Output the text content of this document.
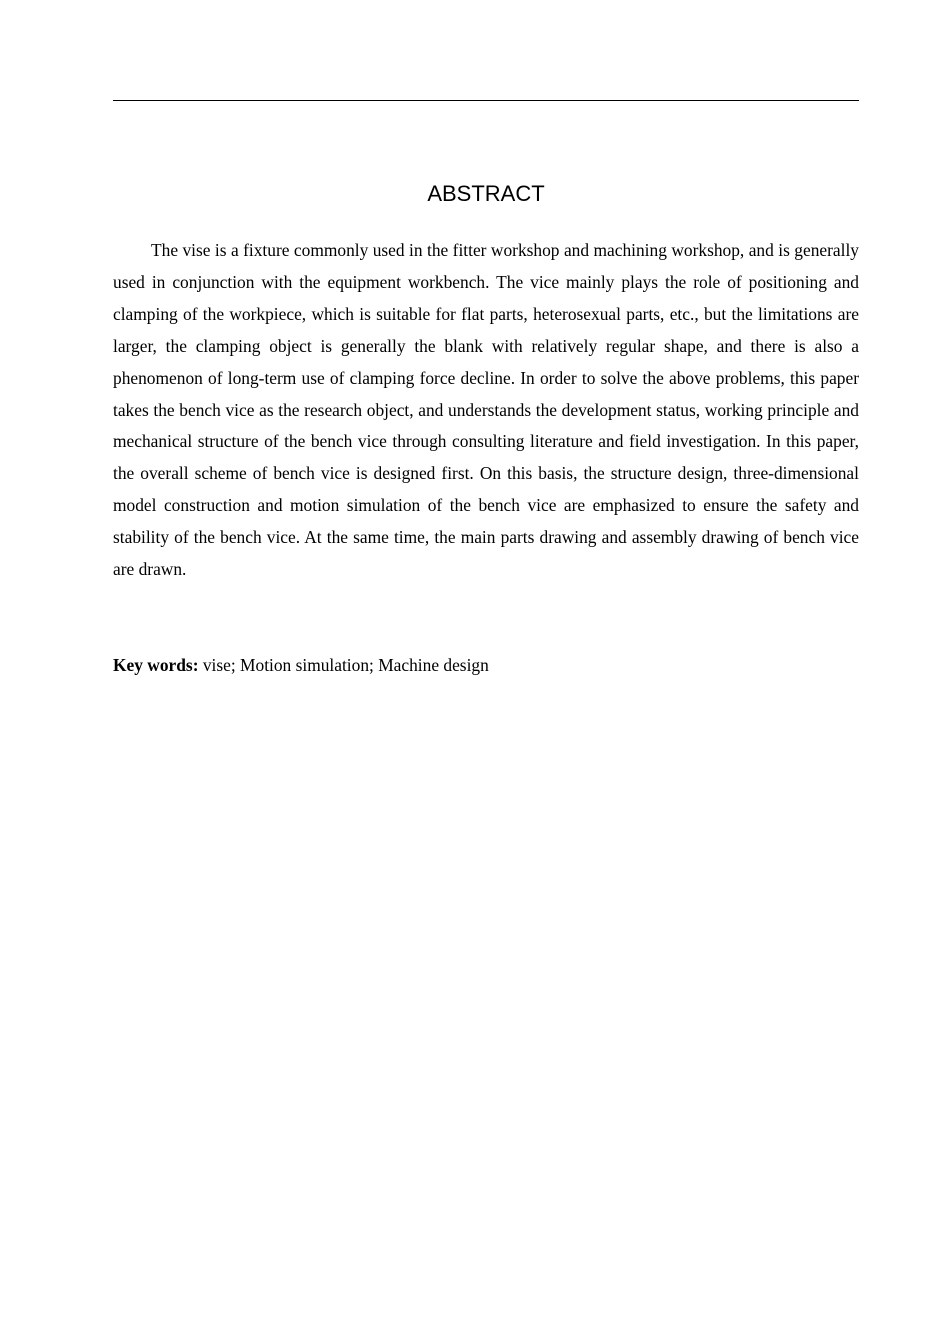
ABSTRACT

The vise is a fixture commonly used in the fitter workshop and machining workshop, and is generally used in conjunction with the equipment workbench. The vice mainly plays the role of positioning and clamping of the workpiece, which is suitable for flat parts, heterosexual parts, etc., but the limitations are larger, the clamping object is generally the blank with relatively regular shape, and there is also a phenomenon of long-term use of clamping force decline. In order to solve the above problems, this paper takes the bench vice as the research object, and understands the development status, working principle and mechanical structure of the bench vice through consulting literature and field investigation. In this paper, the overall scheme of bench vice is designed first. On this basis, the structure design, three-dimensional model construction and motion simulation of the bench vice are emphasized to ensure the safety and stability of the bench vice. At the same time, the main parts drawing and assembly drawing of bench vice are drawn.

Key words: vise; Motion simulation; Machine design
